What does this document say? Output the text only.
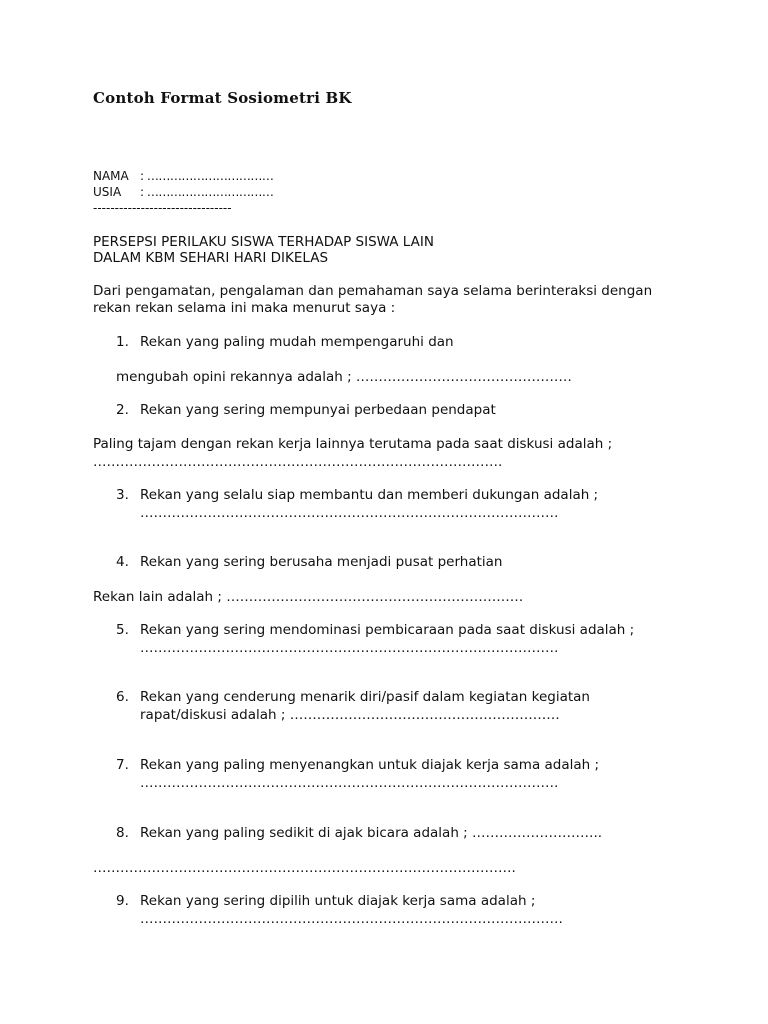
Contoh Format Sosiometri BK

NAMA : ……………………………

USIA : ……………………………

--------------------------------

PERSEPSI PERILAKU SISWA TERHADAP SISWA LAIN

DALAM KBM SEHARI HARI DIKELAS

Dari pengamatan, pengalaman dan pemahaman saya selama berinteraksi dengan

rekan rekan selama ini maka menurut saya :

1. Rekan yang paling mudah mempengaruhi dan

mengubah opini rekannya adalah ; …………………………………………

2. Rekan yang sering mempunyai perbedaan pendapat

Paling tajam dengan rekan kerja lainnya terutama pada saat diskusi adalah ;

……………………………………………………………………………….

3. Rekan yang selalu siap membantu dan memberi dukungan adalah ;

…………………………………………………………………………………

4. Rekan yang sering berusaha menjadi pusat perhatian

Rekan lain adalah ; …………………………………………………………

5. Rekan yang sering mendominasi pembicaraan pada saat diskusi adalah ;

…………………………………………………………………………………

6. Rekan yang cenderung menarik diri/pasif dalam kegiatan kegiatan

rapat/diskusi adalah ; ……………………………………………………

7. Rekan yang paling menyenangkan untuk diajak kerja sama adalah ;

…………………………………………………………………………………

8. Rekan yang paling sedikit di ajak bicara adalah ; ………………………..

………………………………………………………………………………….

9. Rekan yang sering dipilih untuk diajak kerja sama adalah ;

………………………………………………………………………………….
